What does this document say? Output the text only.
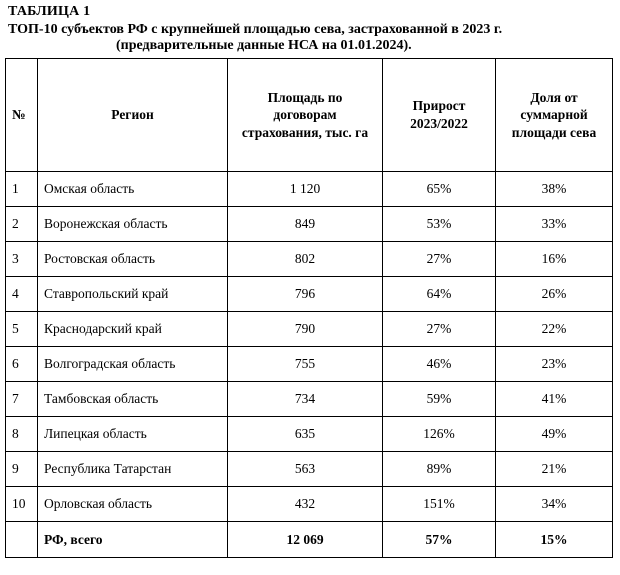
ТАБЛИЦА 1
ТОП-10 субъектов РФ с крупнейшей площадью сева, застрахованной в 2023 г.
(предварительные данные НСА на 01.01.2024).
№	Регион	Площадь по договорам страхования, тыс. га	Прирост 2023/2022	Доля от суммарной площади сева
1	Омская область	1 120	65%	38%
2	Воронежская область	849	53%	33%
3	Ростовская область	802	27%	16%
4	Ставропольский край	796	64%	26%
5	Краснодарский край	790	27%	22%
6	Волгоградская область	755	46%	23%
7	Тамбовская область	734	59%	41%
8	Липецкая область	635	126%	49%
9	Республика Татарстан	563	89%	21%
10	Орловская область	432	151%	34%
	РФ, всего	12 069	57%	15%
